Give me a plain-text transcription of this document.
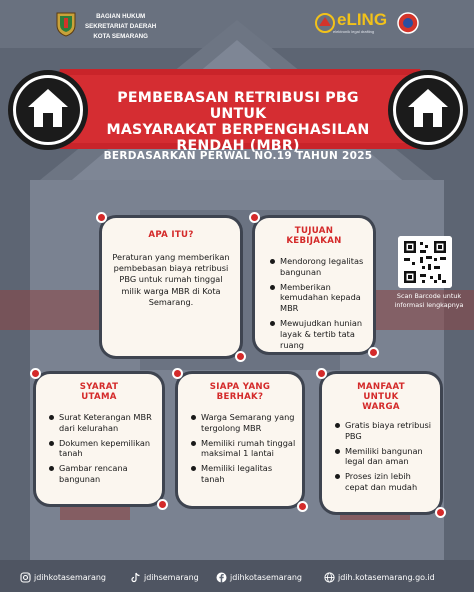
BAGIAN HUKUM
SEKRETARIAT DAERAH
KOTA SEMARANG
eLING
elektronik legal drafting
PEMBEBASAN RETRIBUSI PBG UNTUK
MASYARAKAT BERPENGHASILAN
RENDAH (MBR)
BERDASARKAN PERWAL NO.19 TAHUN 2025
APA ITU?

Peraturan yang memberikan pembebasan biaya retribusi PBG untuk rumah tinggal milik warga MBR di Kota Semarang.

TUJUAN
KEBIJAKAN
Mendorong legalitas bangunan
Memberikan kemudahan kepada MBR
Mewujudkan hunian layak & tertib tata ruang
Scan Barcode untuk
informasi lengkapnya
SYARAT
UTAMA
Surat Keterangan MBR dari kelurahan
Dokumen kepemilikan tanah
Gambar rencana bangunan
SIAPA YANG
BERHAK?
Warga Semarang yang tergolong MBR
Memiliki rumah tinggal maksimal 1 lantai
Memiliki legalitas tanah
MANFAAT
UNTUK
WARGA
Gratis biaya retribusi PBG
Memiliki bangunan legal dan aman
Proses izin lebih cepat dan mudah
jdihkotasemarang	jdihsemarang	jdihkotasemarang	jdih.kotasemarang.go.id
